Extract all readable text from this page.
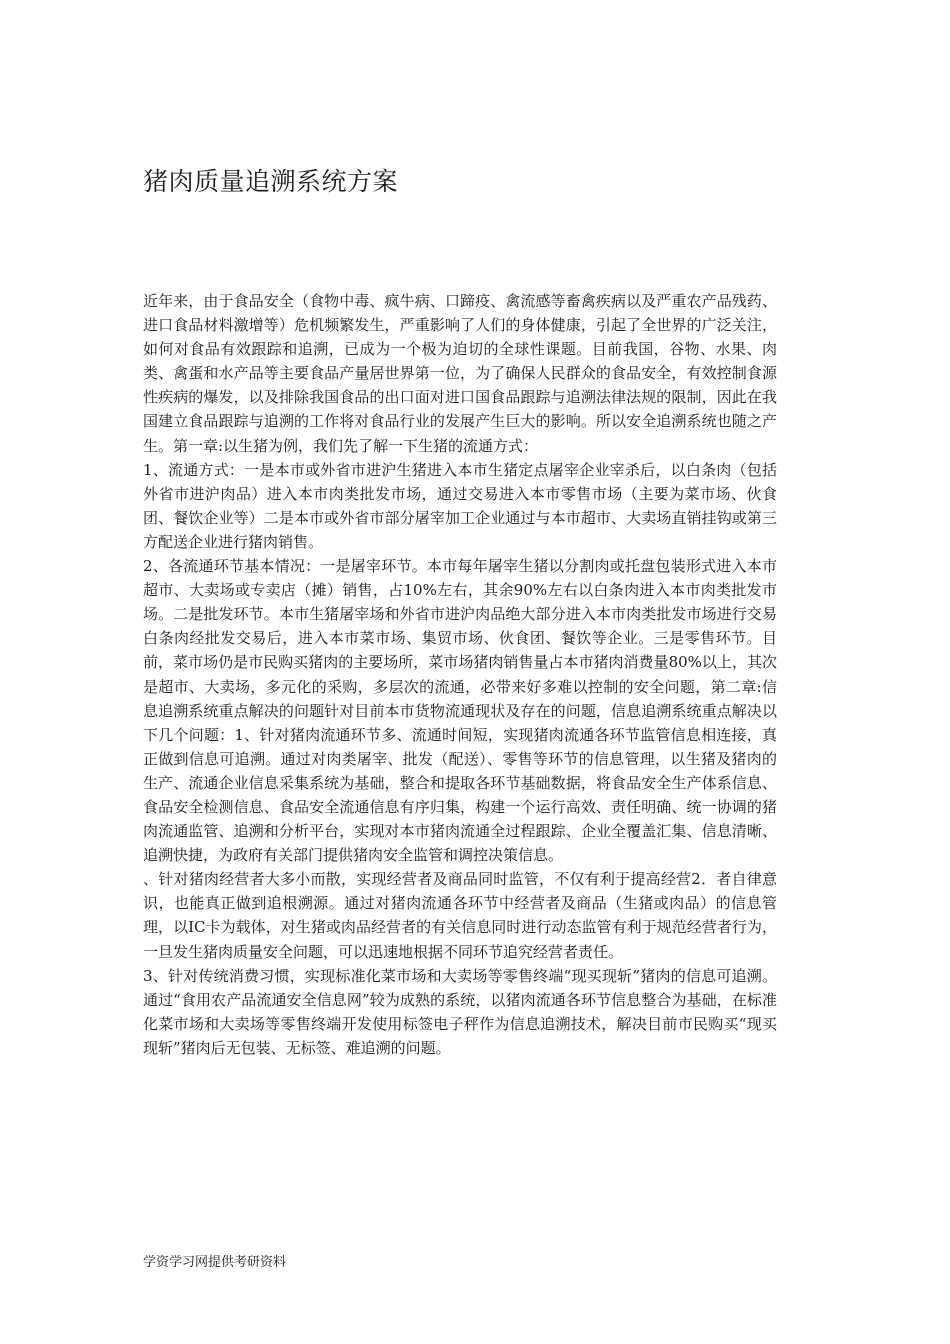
猪肉质量追溯系统方案

近年来，由于食品安全（食物中毒、疯牛病、口蹄疫、禽流感等畜禽疾病以及严重农产品残药、进口食品材料激增等）危机频繁发生，严重影响了人们的身体健康，引起了全世界的广泛关注，如何对食品有效跟踪和追溯，已成为一个极为迫切的全球性课题。目前我国，谷物、水果、肉类、禽蛋和水产品等主要食品产量居世界第一位，为了确保人民群众的食品安全，有效控制食源性疾病的爆发，以及排除我国食品的出口面对进口国食品跟踪与追溯法律法规的限制，因此在我国建立食品跟踪与追溯的工作将对食品行业的发展产生巨大的影响。所以安全追溯系统也随之产生。第一章:以生猪为例，我们先了解一下生猪的流通方式：

1、流通方式：一是本市或外省市进沪生猪进入本市生猪定点屠宰企业宰杀后，以白条肉（包括外省市进沪肉品）进入本市肉类批发市场，通过交易进入本市零售市场（主要为菜市场、伙食团、餐饮企业等）二是本市或外省市部分屠宰加工企业通过与本市超市、大卖场直销挂钩或第三方配送企业进行猪肉销售。

2、各流通环节基本情况：一是屠宰环节。本市每年屠宰生猪以分割肉或托盘包装形式进入本市超市、大卖场或专卖店（摊）销售，占10%左右，其余90%左右以白条肉进入本市肉类批发市场。二是批发环节。本市生猪屠宰场和外省市进沪肉品绝大部分进入本市肉类批发市场进行交易白条肉经批发交易后，进入本市菜市场、集贸市场、伙食团、餐饮等企业。三是零售环节。目前，菜市场仍是市民购买猪肉的主要场所，菜市场猪肉销售量占本市猪肉消费量80%以上，其次是超市、大卖场，多元化的采购，多层次的流通，必带来好多难以控制的安全问题，第二章:信息追溯系统重点解决的问题针对目前本市货物流通现状及存在的问题，信息追溯系统重点解决以下几个问题：1、针对猪肉流通环节多、流通时间短，实现猪肉流通各环节监管信息相连接，真正做到信息可追溯。通过对肉类屠宰、批发（配送）、零售等环节的信息管理，以生猪及猪肉的生产、流通企业信息采集系统为基础，整合和提取各环节基础数据，将食品安全生产体系信息、食品安全检测信息、食品安全流通信息有序归集，构建一个运行高效、责任明确、统一协调的猪肉流通监管、追溯和分析平台，实现对本市猪肉流通全过程跟踪、企业全覆盖汇集、信息清晰、追溯快捷，为政府有关部门提供猪肉安全监管和调控决策信息。

、针对猪肉经营者大多小而散，实现经营者及商品同时监管，不仅有利于提高经营2．者自律意识，也能真正做到追根溯源。通过对猪肉流通各环节中经营者及商品（生猪或肉品）的信息管理，以IC卡为载体，对生猪或肉品经营者的有关信息同时进行动态监管有利于规范经营者行为，一旦发生猪肉质量安全问题，可以迅速地根据不同环节追究经营者责任。

3、针对传统消费习惯，实现标准化菜市场和大卖场等零售终端“现买现斩”猪肉的信息可追溯。通过“食用农产品流通安全信息网”较为成熟的系统，以猪肉流通各环节信息整合为基础，在标准化菜市场和大卖场等零售终端开发使用标签电子秤作为信息追溯技术，解决目前市民购买“现买现斩”猪肉后无包装、无标签、难追溯的问题。

学资学习网提供考研资料
